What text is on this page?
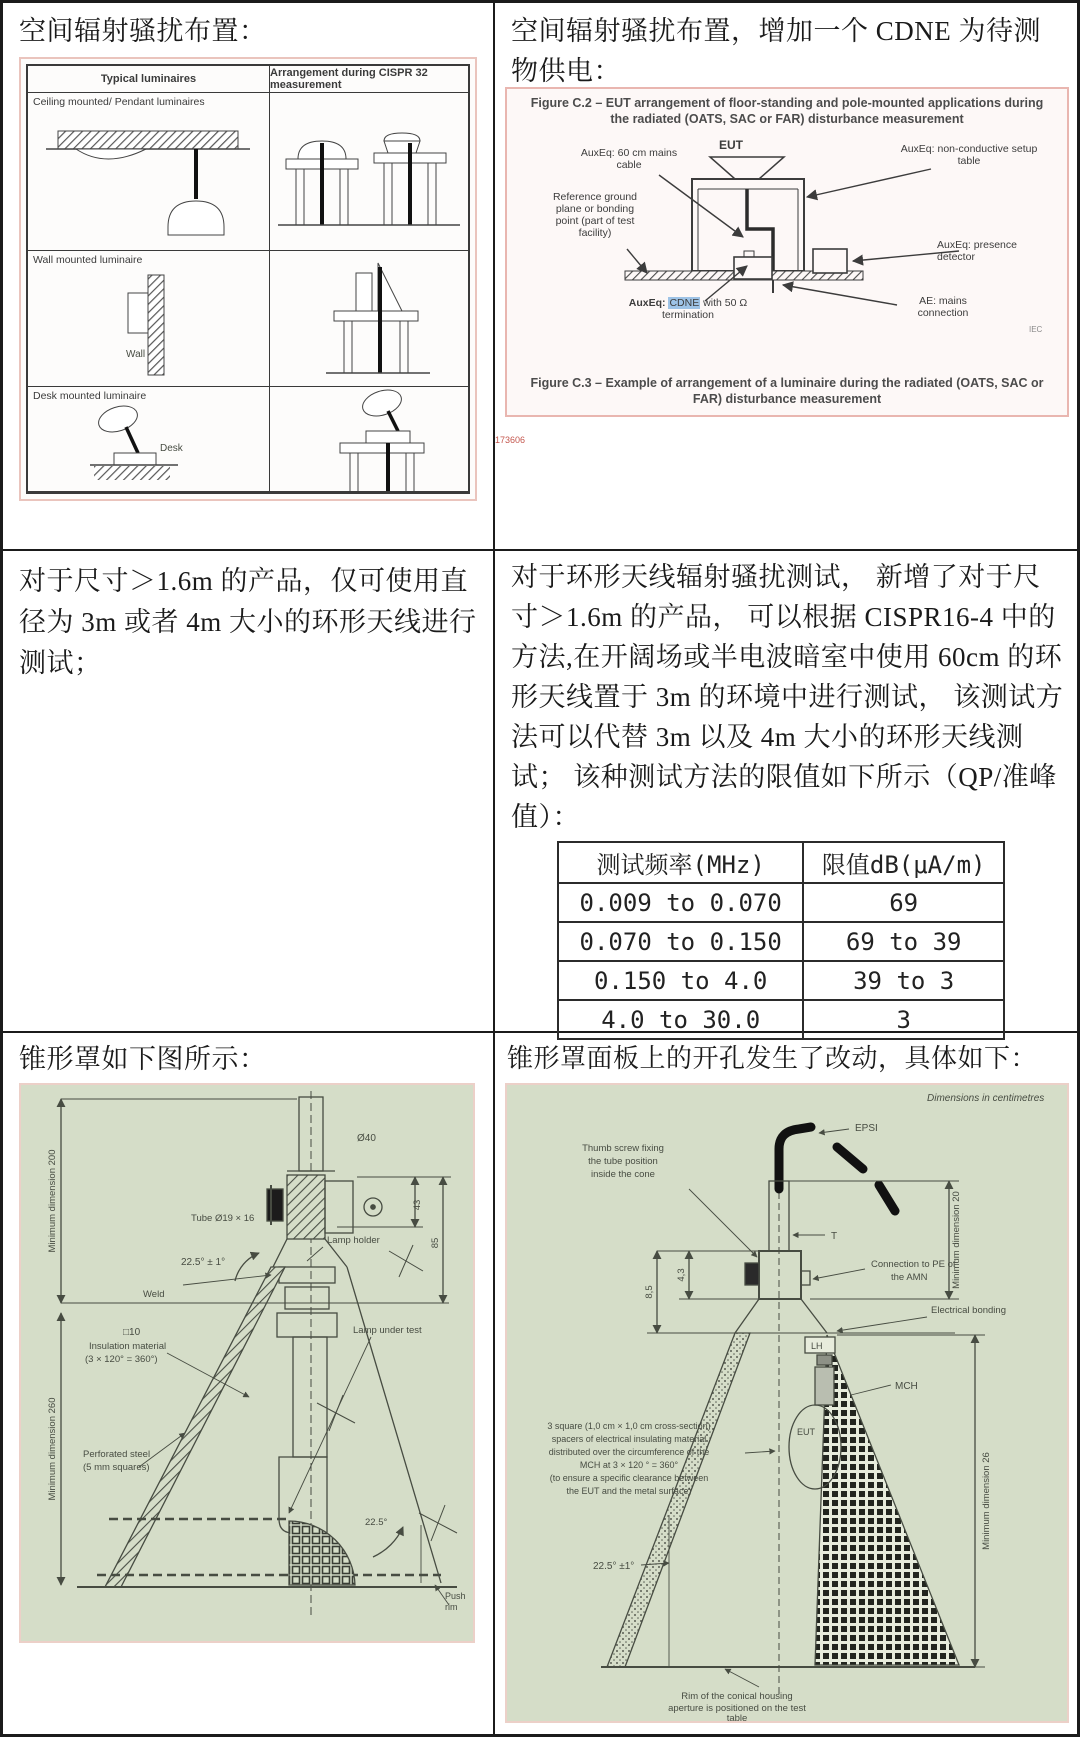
空间辐射骚扰布置：
Typical luminaires	Arrangement during CISPR 32 measurement
Ceiling mounted/ Pendant luminaires
Wall mounted luminaire
Wall
Desk mounted luminaire
Desk
空间辐射骚扰布置，增加一个 CDNE 为待测物供电：
Figure C.2 – EUT arrangement of floor-standing and pole-mounted applications during the radiated (OATS, SAC or FAR) disturbance measurement
EUT
AuxEq: 60 cm mains cable
AuxEq: non-conductive setup table
Reference ground plane or bonding point (part of test facility)
AuxEq: presence detector
AuxEq: CDNE with 50 Ω
termination
AE: mains connection
IEC
Figure C.3 – Example of arrangement of a luminaire during the radiated (OATS, SAC or FAR) disturbance measurement
173606
对于尺寸＞1.6m 的产品，仅可使用直径为 3m 或者 4m 大小的环形天线进行测试；
对于环形天线辐射骚扰测试， 新增了对于尺寸＞1.6m 的产品， 可以根据 CISPR16-4 中的方法,在开阔场或半电波暗室中使用 60cm 的环形天线置于 3m 的环境中进行测试， 该测试方法可以代替 3m 以及 4m 大小的环形天线测试； 该种测试方法的限值如下所示（QP/准峰值）：
测试频率(MHz)	限值dB(μA/m)
0.009 to 0.070	69
0.070 to 0.150	69 to 39
0.150 to 4.0	39 to 3
4.0 to 30.0	3
锥形罩如下图所示：
Minimum dimension 200
Minimum dimension 260
Ø40
Tube Ø19 × 16
22.5° ± 1°
Lamp holder
Weld
□10
Insulation material
(3 × 120° = 360°)
Lamp under test
Perforated steel
(5 mm squares)
43
85
22.5°
Push
rim
锥形罩面板上的开孔发生了改动，具体如下：
Dimensions in centimetres
Thumb screw fixing
the tube position
inside the cone
EPSI
T
Connection to PE of
the AMN Minimum dimension 20
4,3
8,5
Electrical bonding
LH
MCH
EUT
3 square (1,0 cm × 1,0 cm cross-section)
spacers of electrical insulating material
distributed over the circumference of the
MCH at 3 × 120 ° = 360°
(to ensure a specific clearance between
the EUT and the metal surface)
22.5° ±1°
Minimum dimension 26
Rim of the conical housing
aperture is positioned on the test
table
